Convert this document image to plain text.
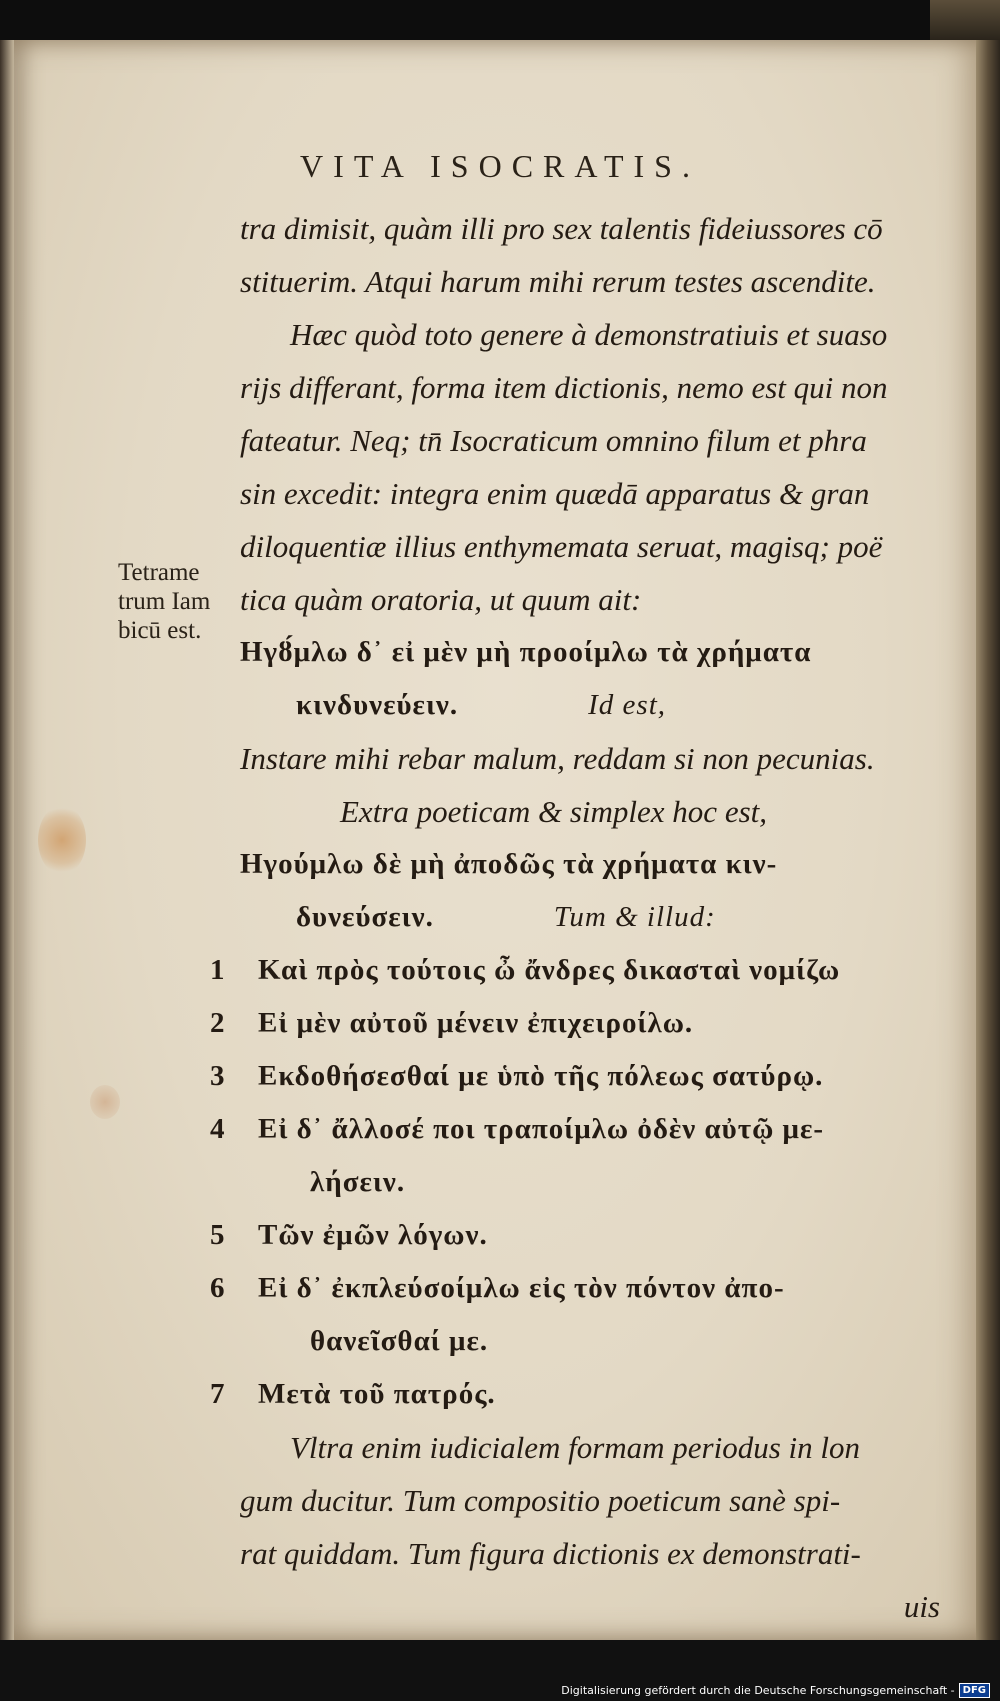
VITA ISOCRATIS.
Tetrame
trum Iam
bicū est.
tra dimisit, quàm illi pro sex talentis fideiussores cō
stituerim. Atqui harum mihi rerum testes ascendite.
Hæc quòd toto genere à demonstratiuis et suaso
rijs differant, forma item dictionis, nemo est qui non
fateatur. Neq; tn̄ Isocraticum omnino filum et phra
sin excedit: integra enim quædā apparatus & gran
diloquentiæ illius enthymemata seruat, magisq; poë
tica quàm oratoria, ut quum ait:
Ηγȣ́μλω δ᾽ εἰ μὲν μὴ προοίμλω τὰ χρήματα
κινδυνεύειν.	Id est,
Instare mihi rebar malum, reddam si non pecunias.
Extra poeticam & simplex hoc est,
Ηγούμλω δὲ μὴ ἀποδῶς τὰ χρήματα κιν-
δυνεύσειν.	Tum & illud:
1 Καὶ πρὸς τούτοις ὦ ἄνδρες δικασταὶ νομίζω
2 Εἰ μὲν αὐτοῦ μένειν ἐπιχειροίλω.
3 Εκδοθήσεσθαί με ὑπὸ τῆς πόλεως σατύρῳ.
4 Εἰ δ᾽ ἄλλοσέ ποι τραποίμλω ὀδὲν αὐτῷ με-
λήσειν.
5 Τῶν ἐμῶν λόγων.
6 Εἰ δ᾽ ἐκπλεύσοίμλω εἰς τὸν πόντον ἀπο-
θανεῖσθαί με.
7 Μετὰ τοῦ πατρός.
Vltra enim iudicialem formam periodus in lon
gum ducitur. Tum compositio poeticum sanè spi-
rat quiddam. Tum figura dictionis ex demonstrati-
uis
Digitalisierung gefördert durch die Deutsche Forschungsgemeinschaft - DFG
